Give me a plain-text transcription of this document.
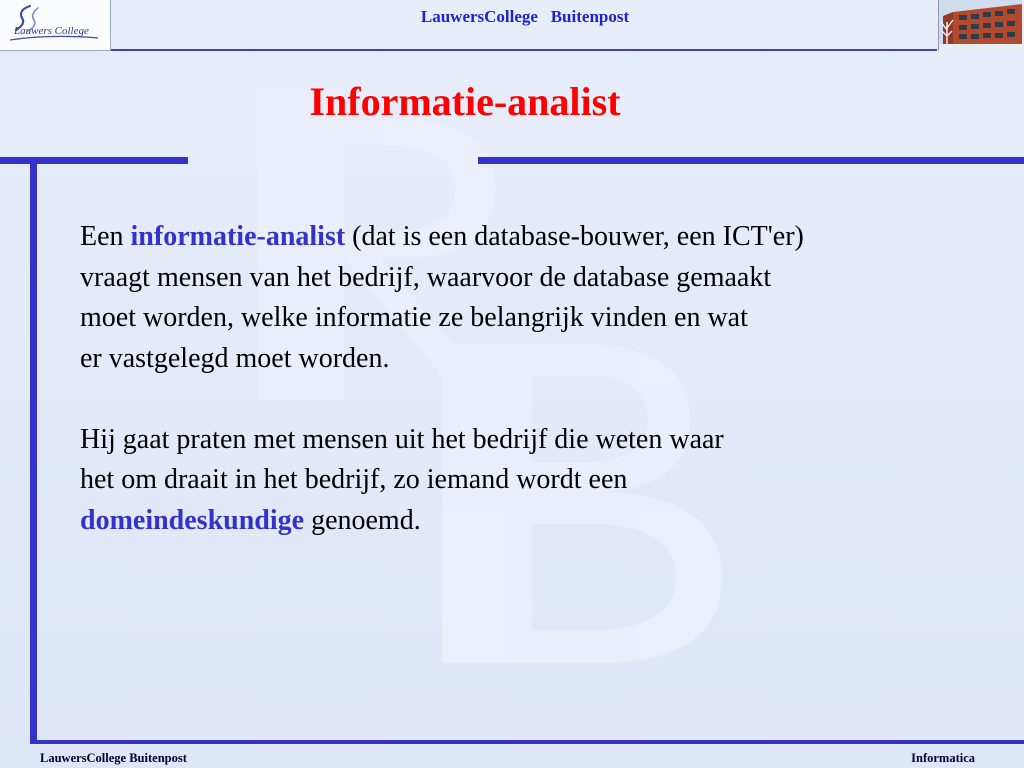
Lauwers College
LauwersCollege   Buitenpost
Informatie-analist
Een informatie-analist (dat is een database-bouwer, een ICT'er)
vraagt mensen van het bedrijf, waarvoor de database gemaakt
moet worden, welke informatie ze belangrijk vinden en wat
er vastgelegd moet worden.
Hij gaat praten met mensen uit het bedrijf die weten waar
het om draait in het bedrijf, zo iemand wordt een
domeindeskundige genoemd.
LauwersCollege Buitenpost	Informatica
